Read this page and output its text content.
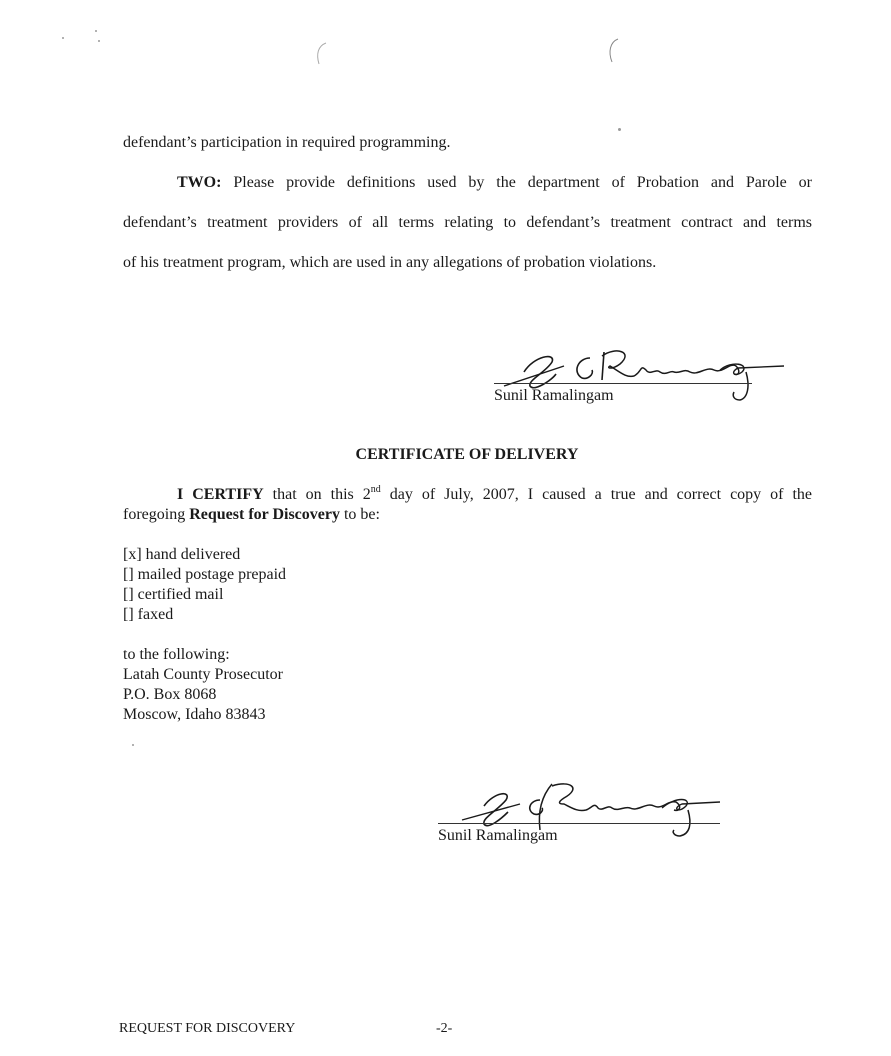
defendant’s participation in required programming.
TWO: Please provide definitions used by the department of Probation and Parole or
defendant’s treatment providers of all terms relating to defendant’s treatment contract and terms
of his treatment program, which are used in any allegations of probation violations.
Sunil Ramalingam
CERTIFICATE OF DELIVERY
I CERTIFY that on this 2nd day of July, 2007, I caused a true and correct copy of the
foregoing Request for Discovery to be:
[x] hand delivered
[] mailed postage prepaid
[] certified mail
[] faxed
to the following:
Latah County Prosecutor
P.O. Box 8068
Moscow, Idaho 83843
Sunil Ramalingam
REQUEST FOR DISCOVERY	-2-
